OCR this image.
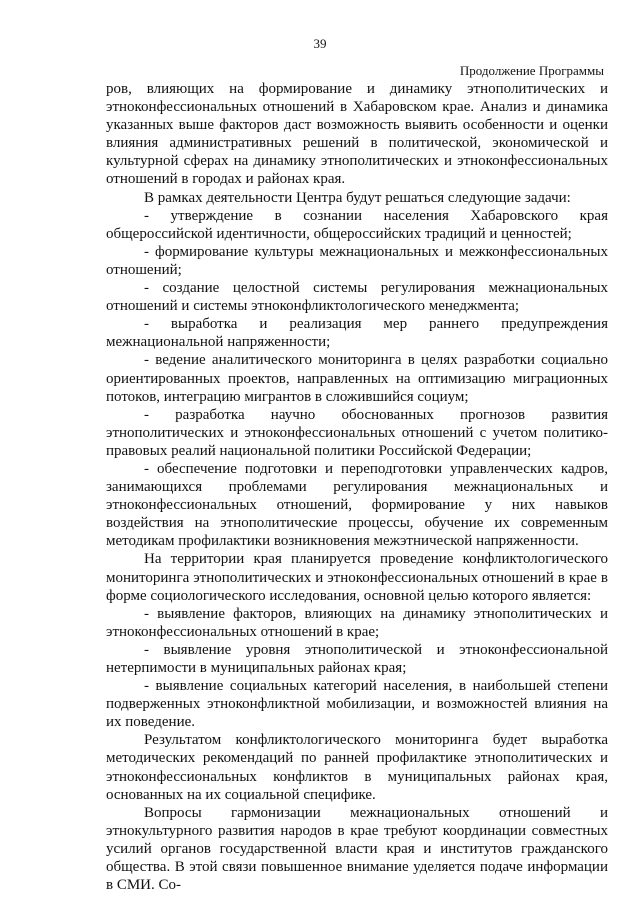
39
Продолжение Программы

ров, влияющих на формирование и динамику этнополитических и этноконфессиональных отношений в Хабаровском крае. Анализ и динамика указанных выше факторов даст возможность выявить особенности и оценки влияния административных решений в политической, экономической и культурной сферах на динамику этнополитических и этноконфессиональных отношений в городах и районах края.

В рамках деятельности Центра будут решаться следующие задачи:

- утверждение в сознании населения Хабаровского края общероссийской идентичности, общероссийских традиций и ценностей;

- формирование культуры межнациональных и межконфессиональных отношений;

- создание целостной системы регулирования межнациональных отношений и системы этноконфликтологического менеджмента;

- выработка и реализация мер раннего предупреждения межнациональной напряженности;

- ведение аналитического мониторинга в целях разработки социально ориентированных проектов, направленных на оптимизацию миграционных потоков, интеграцию мигрантов в сложившийся социум;

- разработка научно обоснованных прогнозов развития этнополитических и этноконфессиональных отношений с учетом политико-правовых реалий национальной политики Российской Федерации;

- обеспечение подготовки и переподготовки управленческих кадров, занимающихся проблемами регулирования межнациональных и этноконфессиональных отношений, формирование у них навыков воздействия на этнополитические процессы, обучение их современным методикам профилактики возникновения межэтнической напряженности.

На территории края планируется проведение конфликтологического мониторинга этнополитических и этноконфессиональных отношений в крае в форме социологического исследования, основной целью которого является:

- выявление факторов, влияющих на динамику этнополитических и этноконфессиональных отношений в крае;

- выявление уровня этнополитической и этноконфессиональной нетерпимости в муниципальных районах края;

- выявление социальных категорий населения, в наибольшей степени подверженных этноконфликтной мобилизации, и возможностей влияния на их поведение.

Результатом конфликтологического мониторинга будет выработка методических рекомендаций по ранней профилактике этнополитических и этноконфессиональных конфликтов в муниципальных районах края, основанных на их социальной специфике.

Вопросы гармонизации межнациональных отношений и этнокультурного развития народов в крае требуют координации совместных усилий органов государственной власти края и институтов гражданского общества. В этой связи повышенное внимание уделяется подаче информации в СМИ. Со-
